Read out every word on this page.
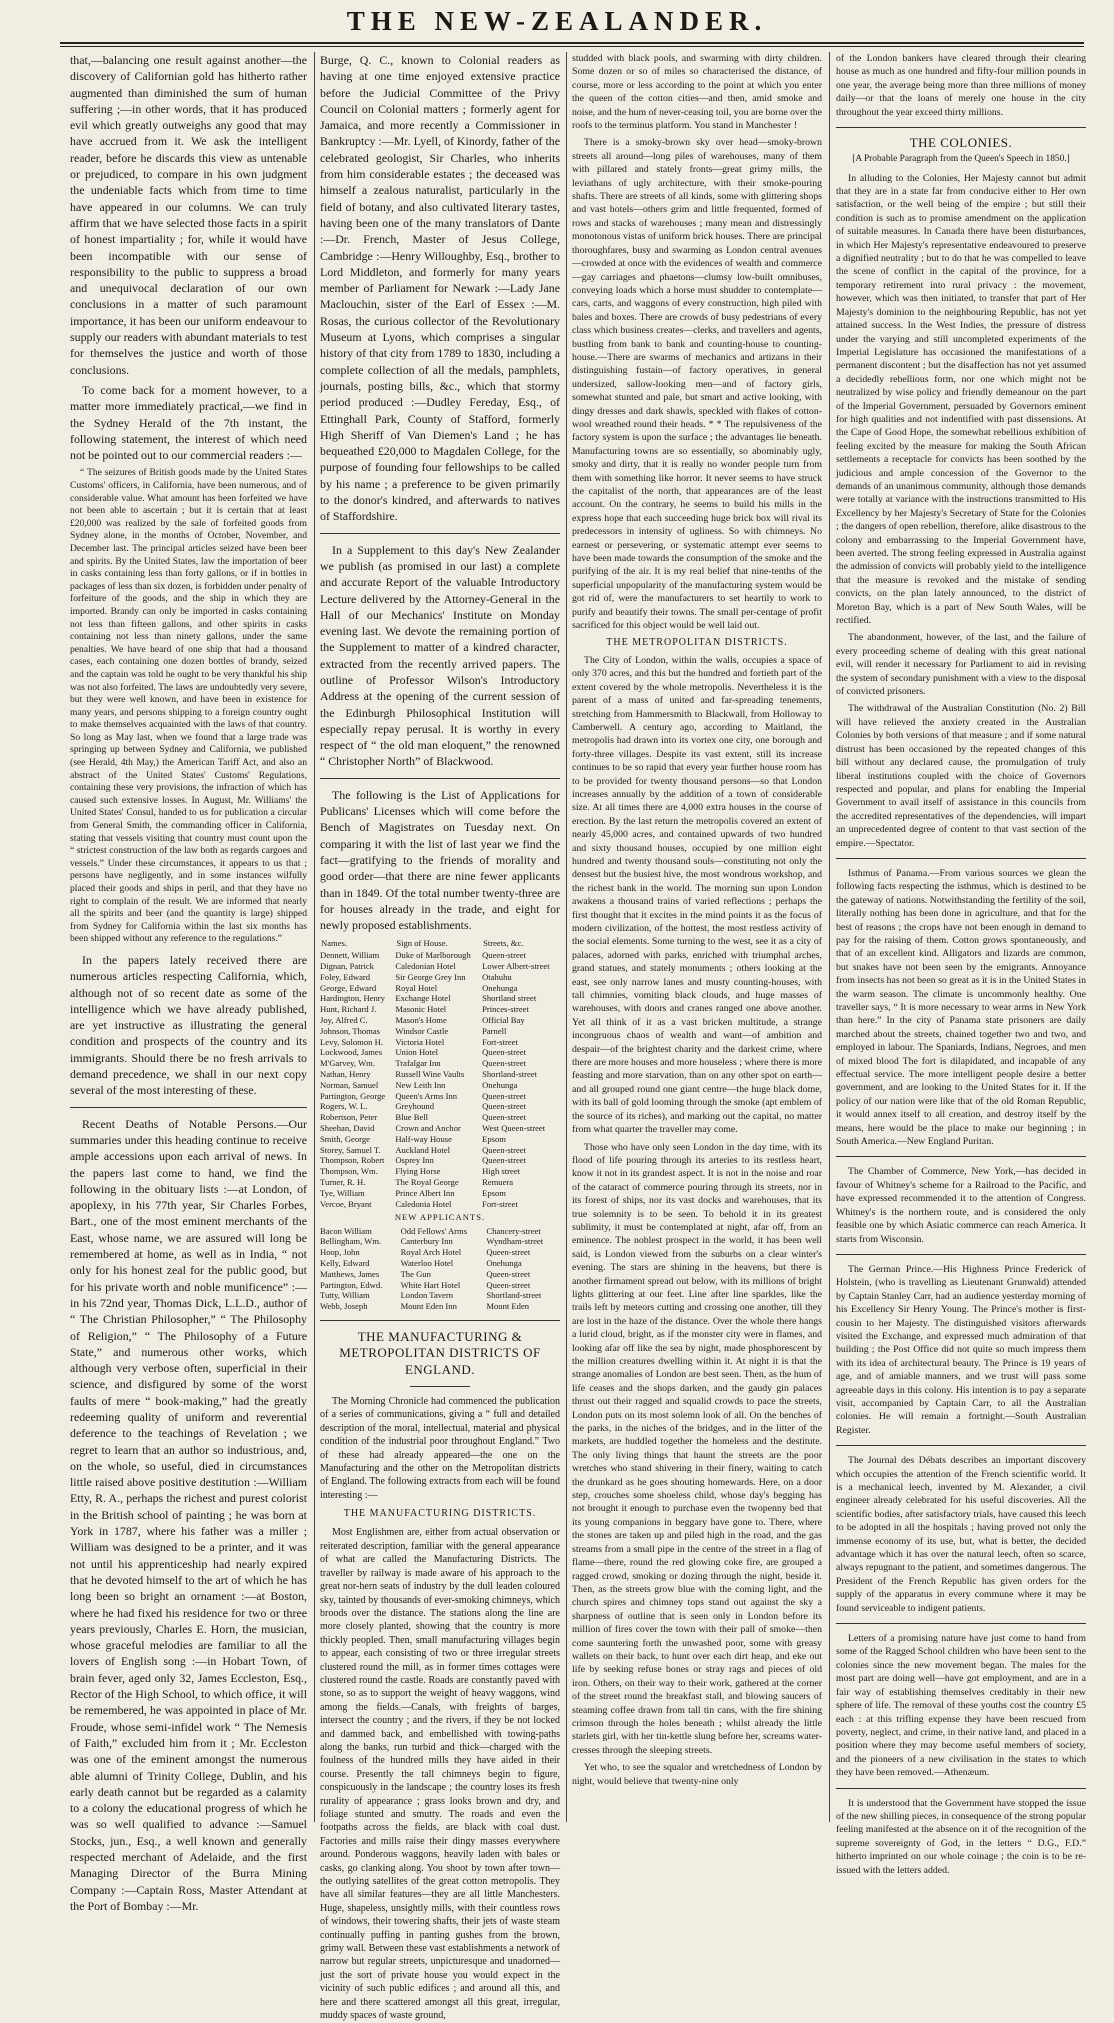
THE NEW-ZEALANDER.

that,—balancing one result against another—the discovery of Californian gold has hitherto rather augmented than diminished the sum of human suffering ;—in other words, that it has produced evil which greatly outweighs any good that may have accrued from it. We ask the intelligent reader, before he discards this view as untenable or prejudiced, to compare in his own judgment the undeniable facts which from time to time have appeared in our columns. We can truly affirm that we have selected those facts in a spirit of honest impartiality ; for, while it would have been incompatible with our sense of responsibility to the public to suppress a broad and unequivocal declaration of our own conclusions in a matter of such paramount importance, it has been our uniform endeavour to supply our readers with abundant materials to test for themselves the justice and worth of those conclusions.

To come back for a moment however, to a matter more immediately practical,—we find in the Sydney Herald of the 7th instant, the following statement, the interest of which need not be pointed out to our commercial readers :—

“ The seizures of British goods made by the United States Customs' officers, in California, have been numerous, and of considerable value. What amount has been forfeited we have not been able to ascertain ; but it is certain that at least £20,000 was realized by the sale of forfeited goods from Sydney alone, in the months of October, November, and December last. The principal articles seized have been beer and spirits. By the United States, law the importation of beer in casks containing less than forty gallons, or if in bottles in packages of less than six dozen, is forbidden under penalty of forfeiture of the goods, and the ship in which they are imported. Brandy can only be imported in casks containing not less than fifteen gallons, and other spirits in casks containing not less than ninety gallons, under the same penalties. We have heard of one ship that had a thousand cases, each containing one dozen bottles of brandy, seized and the captain was told he ought to be very thankful his ship was not also forfeited. The laws are undoubtedly very severe, but they were well known, and have been in existence for many years, and persons shipping to a foreign country ought to make themselves acquainted with the laws of that country. So long as May last, when we found that a large trade was springing up between Sydney and California, we published (see Herald, 4th May,) the American Tariff Act, and also an abstract of the United States' Customs' Regulations, containing these very provisions, the infraction of which has caused such extensive losses. In August, Mr. Williams' the United States' Consul, handed to us for publication a circular from General Smith, the commanding officer in California, stating that vessels visiting that country must count upon the “ strictest construction of the law both as regards cargoes and vessels.” Under these circumstances, it appears to us that ; persons have negligently, and in some instances wilfully placed their goods and ships in peril, and that they have no right to complain of the result. We are informed that nearly all the spirits and beer (and the quantity is large) shipped from Sydney for California within the last six months has been shipped without any reference to the regulations.”

In the papers lately received there are numerous articles respecting California, which, although not of so recent date as some of the intelligence which we have already published, are yet instructive as illustrating the general condition and prospects of the country and its immigrants. Should there be no fresh arrivals to demand precedence, we shall in our next copy several of the most interesting of these.

Recent Deaths of Notable Persons.—Our summaries under this heading continue to receive ample accessions upon each arrival of news. In the papers last come to hand, we find the following in the obituary lists :—at London, of apoplexy, in his 77th year, Sir Charles Forbes, Bart., one of the most eminent merchants of the East, whose name, we are assured will long be remembered at home, as well as in India, “ not only for his honest zeal for the public good, but for his private worth and noble munificence” :—in his 72nd year, Thomas Dick, L.L.D., author of “ The Christian Philosopher,” “ The Philosophy of Religion,” “ The Philosophy of a Future State,” and numerous other works, which although very verbose often, superficial in their science, and disfigured by some of the worst faults of mere “ book-making,” had the greatly redeeming quality of uniform and reverential deference to the teachings of Revelation ; we regret to learn that an author so industrious, and, on the whole, so useful, died in circumstances little raised above positive destitution :—William Etty, R. A., perhaps the richest and purest colorist in the British school of painting ; he was born at York in 1787, where his father was a miller ; William was designed to be a printer, and it was not until his apprenticeship had nearly expired that he devoted himself to the art of which he has long been so bright an ornament :—at Boston, where he had fixed his residence for two or three years previously, Charles E. Horn, the musician, whose graceful melodies are familiar to all the lovers of English song :—in Hobart Town, of brain fever, aged only 32, James Eccleston, Esq., Rector of the High School, to which office, it will be remembered, he was appointed in place of Mr. Froude, whose semi-infidel work “ The Nemesis of Faith,” excluded him from it ; Mr. Eccleston was one of the eminent amongst the numerous able alumni of Trinity College, Dublin, and his early death cannot but be regarded as a calamity to a colony the educational progress of which he was so well qualified to advance :—Samuel Stocks, jun., Esq., a well known and generally respected merchant of Adelaide, and the first Managing Director of the Burra Mining Company :—Captain Ross, Master Attendant at the Port of Bombay :—Mr.

Burge, Q. C., known to Colonial readers as having at one time enjoyed extensive practice before the Judicial Committee of the Privy Council on Colonial matters ; formerly agent for Jamaica, and more recently a Commissioner in Bankruptcy :—Mr. Lyell, of Kinordy, father of the celebrated geologist, Sir Charles, who inherits from him considerable estates ; the deceased was himself a zealous naturalist, particularly in the field of botany, and also cultivated literary tastes, having been one of the many translators of Dante :—Dr. French, Master of Jesus College, Cambridge :—Henry Willoughby, Esq., brother to Lord Middleton, and formerly for many years member of Parliament for Newark :—Lady Jane Maclouchin, sister of the Earl of Essex :—M. Rosas, the curious collector of the Revolutionary Museum at Lyons, which comprises a singular history of that city from 1789 to 1830, including a complete collection of all the medals, pamphlets, journals, posting bills, &c., which that stormy period produced :—Dudley Fereday, Esq., of Ettinghall Park, County of Stafford, formerly High Sheriff of Van Diemen's Land ; he has bequeathed £20,000 to Magdalen College, for the purpose of founding four fellowships to be called by his name ; a preference to be given primarily to the donor's kindred, and afterwards to natives of Staffordshire.

In a Supplement to this day's New Zealander we publish (as promised in our last) a complete and accurate Report of the valuable Introductory Lecture delivered by the Attorney-General in the Hall of our Mechanics' Institute on Monday evening last. We devote the remaining portion of the Supplement to matter of a kindred character, extracted from the recently arrived papers. The outline of Professor Wilson's Introductory Address at the opening of the current session of the Edinburgh Philosophical Institution will especially repay perusal. It is worthy in every respect of “ the old man eloquent,” the renowned “ Christopher North” of Blackwood.

The following is the List of Applications for Publicans' Licenses which will come before the Bench of Magistrates on Tuesday next. On comparing it with the list of last year we find the fact—gratifying to the friends of morality and good order—that there are nine fewer applicants than in 1849. Of the total number twenty-three are for houses already in the trade, and eight for newly proposed establishments.

Names.	Sign of House.	Streets, &c.
Dennett, William	Duke of Marlborough	Queen-street
Dignan, Patrick	Caledonian Hotel	Lower Albert-street
Foley, Edward	Sir George Grey Inn	Otahuhu
George, Edward	Royal Hotel	Onehunga
Hardington, Henry	Exchange Hotel	Shortland street
Hunt, Richard J.	Masonic Hotel	Princes-street
Joy, Alfred C.	Mason's Home	Official Bay
Johnson, Thomas	Windsor Castle	Parnell
Levy, Solomon H.	Victoria Hotel	Fort-street
Lockwood, James	Union Hotel	Queen-street
M'Garvey, Wm.	Trafalgar Inn	Queen-street
Nathan, Henry	Russell Wine Vaults	Shortland-street
Norman, Samuel	New Leith Inn	Onehunga
Partington, George	Queen's Arms Inn	Queen-street
Rogers, W. L.	Greyhound	Queen-street
Robertson, Peter	Blue Bell	Queen-street
Sheehan, David	Crown and Anchor	West Queen-street
Smith, George	Half-way House	Epsom
Storey, Samuel T.	Auckland Hotel	Queen-street
Thompson, Robert	Osprey Inn	Queen-street
Thompson, Wm.	Flying Horse	High street
Turner, R. H.	The Royal George	Remuera
Tye, William	Prince Albert Inn	Epsom
Vercoe, Bryant	Caledonia Hotel	Fort-street
NEW APPLICANTS.
Bacon William	Odd Fellows' Arms	Chancery-street
Bellingham, Wm.	Canterbury Inn	Wyndham-street
Hoop, John	Royal Arch Hotel	Queen-street
Kelly, Edward	Waterloo Hotel	Onehunga
Matthews, James	The Gun	Queen-street
Partington, Edwd.	White Hart Hotel	Queen-street
Tutty, William	London Tavern	Shortland-street
Webb, Joseph	Mount Eden Inn	Mount Eden
THE MANUFACTURING & METROPOLITAN DISTRICTS OF ENGLAND.

The Morning Chronicle had commenced the publication of a series of communications, giving a “ full and detailed description of the moral, intellectual, material and physical condition of the industrial poor throughout England.” Two of these had already appeared—the one on the Manufacturing and the other on the Metropolitan districts of England. The following extracts from each will be found interesting :—

THE MANUFACTURING DISTRICTS.

Most Englishmen are, either from actual observation or reiterated description, familiar with the general appearance of what are called the Manufacturing Districts. The traveller by railway is made aware of his approach to the great nor-hern seats of industry by the dull leaden coloured sky, tainted by thousands of ever-smoking chimneys, which broods over the distance. The stations along the line are more closely planted, showing that the country is more thickly peopled. Then, small manufacturing villages begin to appear, each consisting of two or three irregular streets clustered round the mill, as in former times cottages were clustered round the castle. Roads are constantly paved with stone, so as to support the weight of heavy waggons, wind among the fields.—Canals, with freights of barges, intersect the country ; and the rivers, if they be not locked and dammed back, and embellished with towing-paths along the banks, run turbid and thick—charged with the foulness of the hundred mills they have aided in their course. Presently the tall chimneys begin to figure, conspicuously in the landscape ; the country loses its fresh rurality of appearance ; grass looks brown and dry, and foliage stunted and smutty. The roads and even the footpaths across the fields, are black with coal dust. Factories and mills raise their dingy masses everywhere around. Ponderous waggons, heavily laden with bales or casks, go clanking along. You shoot by town after town—the outlying satellites of the great cotton metropolis. They have all similar features—they are all little Manchesters. Huge, shapeless, unsightly mills, with their countless rows of windows, their towering shafts, their jets of waste steam continually puffing in panting gushes from the brown, grimy wall. Between these vast establishments a network of narrow but regular streets, unpicturesque and unadorned—just the sort of private house you would expect in the vicinity of such public edifices ; and around all this, and here and there scattered amongst all this great, irregular, muddy spaces of waste ground,

studded with black pools, and swarming with dirty children. Some dozen or so of miles so characterised the distance, of course, more or less according to the point at which you enter the queen of the cotton cities—and then, amid smoke and noise, and the hum of never-ceasing toil, you are borne over the roofs to the terminus platform. You stand in Manchester !

There is a smoky-brown sky over head—smoky-brown streets all around—long piles of warehouses, many of them with pillared and stately fronts—great grimy mills, the leviathans of ugly architecture, with their smoke-pouring shafts. There are streets of all kinds, some with glittering shops and vast hotels—others grim and little frequented, formed of rows and stacks of warehouses ; many mean and distressingly monotonous vistas of uniform brick houses. There are principal thoroughfares, busy and swarming as London central avenues—crowded at once with the evidences of wealth and commerce—gay carriages and phaetons—clumsy low-built omnibuses, conveying loads which a horse must shudder to contemplate—cars, carts, and waggons of every construction, high piled with bales and boxes. There are crowds of busy pedestrians of every class which business creates—clerks, and travellers and agents, bustling from bank to bank and counting-house to counting-house.—There are swarms of mechanics and artizans in their distinguishing fustain—of factory operatives, in general undersized, sallow-looking men—and of factory girls, somewhat stunted and pale, but smart and active looking, with dingy dresses and dark shawls, speckled with flakes of cotton-wool wreathed round their heads. * * The repulsiveness of the factory system is upon the surface ; the advantages lie beneath. Manufacturing towns are so essentially, so abominably ugly, smoky and dirty, that it is really no wonder people turn from them with something like horror. It never seems to have struck the capitalist of the north, that appearances are of the least account. On the contrary, he seems to build his mills in the express hope that each succeeding huge brick box will rival its predecessors in intensity of ugliness. So with chimneys. No earnest or persevering, or systematic attempt ever seems to have been made towards the consumption of the smoke and the purifying of the air. It is my real belief that nine-tenths of the superficial unpopularity of the manufacturing system would be got rid of, were the manufacturers to set heartily to work to purify and beautify their towns. The small per-centage of profit sacrificed for this object would be well laid out.

THE METROPOLITAN DISTRICTS.

The City of London, within the walls, occupies a space of only 370 acres, and this but the hundred and fortieth part of the extent covered by the whole metropolis. Nevertheless it is the parent of a mass of united and far-spreading tenements, stretching from Hammersmith to Blackwall, from Holloway to Camberwell. A century ago, according to Maitland, the metropolis had drawn into its vortex one city, one borough and forty-three villages. Despite its vast extent, still its increase continues to be so rapid that every year further house room has to be provided for twenty thousand persons—so that London increases annually by the addition of a town of considerable size. At all times there are 4,000 extra houses in the course of erection. By the last return the metropolis covered an extent of nearly 45,000 acres, and contained upwards of two hundred and sixty thousand houses, occupied by one million eight hundred and twenty thousand souls—constituting not only the densest but the busiest hive, the most wondrous workshop, and the richest bank in the world. The morning sun upon London awakens a thousand trains of varied reflections ; perhaps the first thought that it excites in the mind points it as the focus of modern civilization, of the hottest, the most restless activity of the social elements. Some turning to the west, see it as a city of palaces, adorned with parks, enriched with triumphal arches, grand statues, and stately monuments ; others looking at the east, see only narrow lanes and musty counting-houses, with tall chimnies, vomiting black clouds, and huge masses of warehouses, with doors and cranes ranged one above another. Yet all think of it as a vast bricken multitude, a strange incongruous chaos of wealth and want—of ambition and despair—of the brightest charity and the darkest crime, where there are more houses and more houseless ; where there is more feasting and more starvation, than on any other spot on earth—and all grouped round one giant centre—the huge black dome, with its ball of gold looming through the smoke (apt emblem of the source of its riches), and marking out the capital, no matter from what quarter the traveller may come.

Those who have only seen London in the day time, with its flood of life pouring through its arteries to its restless heart, know it not in its grandest aspect. It is not in the noise and roar of the cataract of commerce pouring through its streets, nor in its forest of ships, nor its vast docks and warehouses, that its true solemnity is to be seen. To behold it in its greatest sublimity, it must be contemplated at night, afar off, from an eminence. The noblest prospect in the world, it has been well said, is London viewed from the suburbs on a clear winter's evening. The stars are shining in the heavens, but there is another firmament spread out below, with its millions of bright lights glittering at our feet. Line after line sparkles, like the trails left by meteors cutting and crossing one another, till they are lost in the haze of the distance. Over the whole there hangs a lurid cloud, bright, as if the monster city were in flames, and looking afar off like the sea by night, made phosphorescent by the million creatures dwelling within it. At night it is that the strange anomalies of London are best seen. Then, as the hum of life ceases and the shops darken, and the gaudy gin palaces thrust out their ragged and squalid crowds to pace the streets, London puts on its most solemn look of all. On the benches of the parks, in the niches of the bridges, and in the litter of the markets, are huddled together the homeless and the destitute. The only living things that haunt the streets are the poor wretches who stand shivering in their finery, waiting to catch the drunkard as he goes shouting homewards. Here, on a door step, crouches some shoeless child, whose day's begging has not brought it enough to purchase even the twopenny bed that its young companions in beggary have gone to. There, where the stones are taken up and piled high in the road, and the gas streams from a small pipe in the centre of the street in a flag of flame—there, round the red glowing coke fire, are grouped a ragged crowd, smoking or dozing through the night, beside it. Then, as the streets grow blue with the coming light, and the church spires and chimney tops stand out against the sky a sharpness of outline that is seen only in London before its million of fires cover the town with their pall of smoke—then come sauntering forth the unwashed poor, some with greasy wallets on their back, to hunt over each dirt heap, and eke out life by seeking refuse bones or stray rags and pieces of old iron. Others, on their way to their work, gathered at the corner of the street round the breakfast stall, and blowing saucers of steaming coffee drawn from tall tin cans, with the fire shining crimson through the holes beneath ; whilst already the little starlets girl, with her tin-kettle slung before her, screams water-cresses through the sleeping streets.

Yet who, to see the squalor and wretchedness of London by night, would believe that twenty-nine only

of the London bankers have cleared through their clearing house as much as one hundred and fifty-four million pounds in one year, the average being more than three millions of money daily—or that the loans of merely one house in the city throughout the year exceed thirty millions.

THE COLONIES.
[A Probable Paragraph from the Queen's Speech in 1850.]

In alluding to the Colonies, Her Majesty cannot but admit that they are in a state far from conducive either to Her own satisfaction, or the well being of the empire ; but still their condition is such as to promise amendment on the application of suitable measures. In Canada there have been disturbances, in which Her Majesty's representative endeavoured to preserve a dignified neutrality ; but to do that he was compelled to leave the scene of conflict in the capital of the province, for a temporary retirement into rural privacy : the movement, however, which was then initiated, to transfer that part of Her Majesty's dominion to the neighbouring Republic, has not yet attained success. In the West Indies, the pressure of distress under the varying and still uncompleted experiments of the Imperial Legislature has occasioned the manifestations of a permanent discontent ; but the disaffection has not yet assumed a decidedly rebellious form, nor one which might not be neutralized by wise policy and friendly demeanour on the part of the Imperial Government, persuaded by Governors eminent for high qualities and not indentified with past dissensions. At the Cape of Good Hope, the somewhat rebellious exhibition of feeling excited by the measure for making the South African settlements a receptacle for convicts has been soothed by the judicious and ample concession of the Governor to the demands of an unanimous community, although those demands were totally at variance with the instructions transmitted to His Excellency by her Majesty's Secretary of State for the Colonies ; the dangers of open rebellion, therefore, alike disastrous to the colony and embarrassing to the Imperial Government have, been averted. The strong feeling expressed in Australia against the admission of convicts will probably yield to the intelligence that the measure is revoked and the mistake of sending convicts, on the plan lately announced, to the district of Moreton Bay, which is a part of New South Wales, will be rectified.

The abandonment, however, of the last, and the failure of every proceeding scheme of dealing with this great national evil, will render it necessary for Parliament to aid in revising the system of secondary punishment with a view to the disposal of convicted prisoners.

The withdrawal of the Australian Constitution (No. 2) Bill will have relieved the anxiety created in the Australian Colonies by both versions of that measure ; and if some natural distrust has been occasioned by the repeated changes of this bill without any declared cause, the promulgation of truly liberal institutions coupled with the choice of Governors respected and popular, and plans for enabling the Imperial Government to avail itself of assistance in this councils from the accredited representatives of the dependencies, will impart an unprecedented degree of content to that vast section of the empire.—Spectator.

Isthmus of Panama.—From various sources we glean the following facts respecting the isthmus, which is destined to be the gateway of nations. Notwithstanding the fertility of the soil, literally nothing has been done in agriculture, and that for the best of reasons ; the crops have not been enough in demand to pay for the raising of them. Cotton grows spontaneously, and that of an excellent kind. Alligators and lizards are common, but snakes have not been seen by the emigrants. Annoyance from insects has not been so great as it is in the United States in the warm season. The climate is uncommonly healthy. One traveller says, “ It is more necessary to wear arms in New York than here.” In the city of Panama state prisoners are daily marched about the streets, chained together two and two, and employed in labour. The Spaniards, Indians, Negroes, and men of mixed blood The fort is dilapidated, and incapable of any effectual service. The more intelligent people desire a better government, and are looking to the United States for it. If the policy of our nation were like that of the old Roman Republic, it would annex itself to all creation, and destroy itself by the means, here would be the place to make our beginning ; in South America.—New England Puritan.

The Chamber of Commerce, New York,—has decided in favour of Whitney's scheme for a Railroad to the Pacific, and have expressed recommended it to the attention of Congress. Whitney's is the northern route, and is considered the only feasible one by which Asiatic commerce can reach America. It starts from Wisconsin.

The German Prince.—His Highness Prince Frederick of Holstein, (who is travelling as Lieutenant Grunwald) attended by Captain Stanley Carr, had an audience yesterday morning of his Excellency Sir Henry Young. The Prince's mother is first-cousin to her Majesty. The distinguished visitors afterwards visited the Exchange, and expressed much admiration of that building ; the Post Office did not quite so much impress them with its idea of architectural beauty. The Prince is 19 years of age, and of amiable manners, and we trust will pass some agreeable days in this colony. His intention is to pay a separate visit, accompanied by Captain Carr, to all the Australian colonies. He will remain a fortnight.—South Australian Register.

The Journal des Débats describes an important discovery which occupies the attention of the French scientific world. It is a mechanical leech, invented by M. Alexander, a civil engineer already celebrated for his useful discoveries. All the scientific bodies, after satisfactory trials, have caused this leech to be adopted in all the hospitals ; having proved not only the immense economy of its use, but, what is better, the decided advantage which it has over the natural leech, often so scarce, always repugnant to the patient, and sometimes dangerous. The President of the French Republic has given orders for the supply of the apparatus in every commune where it may be found serviceable to indigent patients.

Letters of a promising nature have just come to hand from some of the Ragged School children who have been sent to the colonies since the new movement began. The males for the most part are doing well—have got employment, and are in a fair way of establishing themselves creditably in their new sphere of life. The removal of these youths cost the country £5 each : at this trifling expense they have been rescued from poverty, neglect, and crime, in their native land, and placed in a position where they may become useful members of society, and the pioneers of a new civilisation in the states to which they have been removed.—Athenæum.

It is understood that the Government have stopped the issue of the new shilling pieces, in consequence of the strong popular feeling manifested at the absence on it of the recognition of the supreme sovereignty of God, in the letters “ D.G., F.D.” hitherto imprinted on our whole coinage ; the coin is to be re-issued with the letters added.
